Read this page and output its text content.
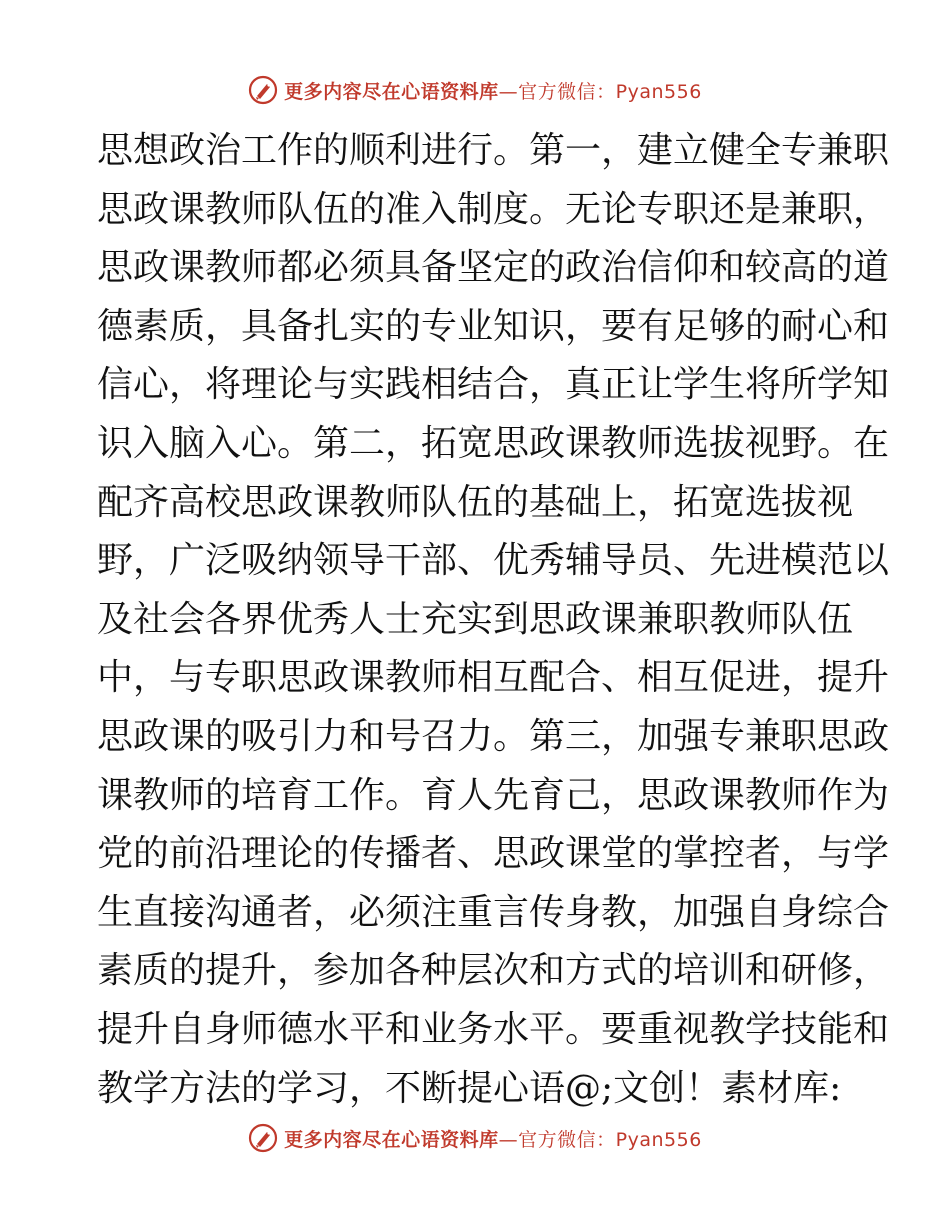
更多内容尽在心语资料库—官方微信：Pyan556
思想政治工作的顺利进行。第一，建立健全专兼职
思政课教师队伍的准入制度。无论专职还是兼职，
思政课教师都必须具备坚定的政治信仰和较高的道
德素质，具备扎实的专业知识，要有足够的耐心和
信心，将理论与实践相结合，真正让学生将所学知
识入脑入心。第二，拓宽思政课教师选拔视野。在
配齐高校思政课教师队伍的基础上，拓宽选拔视
野，广泛吸纳领导干部、优秀辅导员、先进模范以
及社会各界优秀人士充实到思政课兼职教师队伍
中，与专职思政课教师相互配合、相互促进，提升
思政课的吸引力和号召力。第三，加强专兼职思政
课教师的培育工作。育人先育己，思政课教师作为
党的前沿理论的传播者、思政课堂的掌控者，与学
生直接沟通者，必须注重言传身教，加强自身综合
素质的提升，参加各种层次和方式的培训和研修，
提升自身师德水平和业务水平。要重视教学技能和
教学方法的学习，不断提心语@;文创！素材库:
更多内容尽在心语资料库—官方微信：Pyan556
